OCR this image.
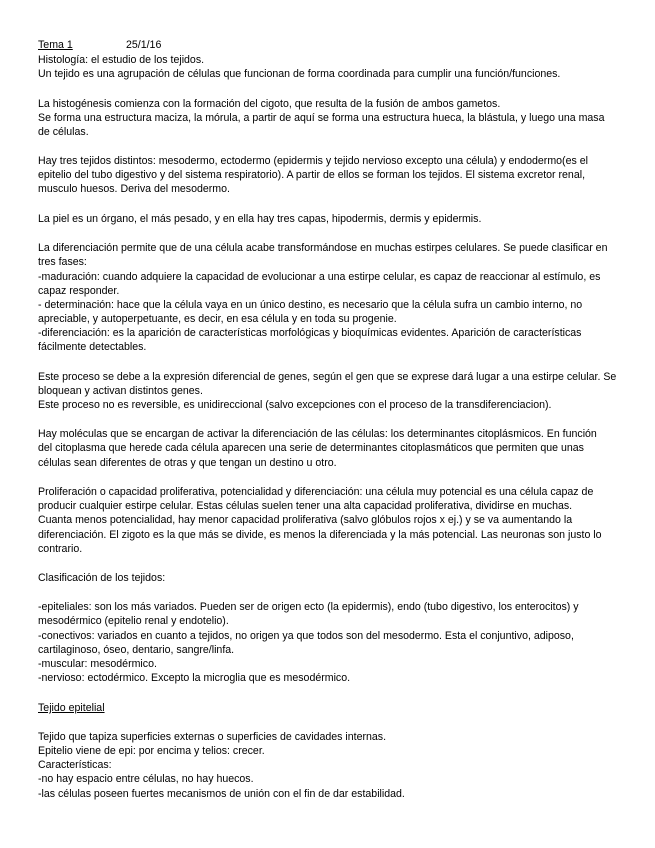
Tema 1	25/1/16
Histología: el estudio de los tejidos.
Un tejido es una agrupación de células que funcionan de forma coordinada para cumplir una función/funciones.
La histogénesis comienza con la formación del cigoto, que resulta de la fusión de ambos gametos.
Se forma una estructura maciza, la mórula, a partir de aquí se forma una estructura hueca, la blástula, y luego una masa
de células.
Hay tres tejidos distintos: mesodermo, ectodermo (epidermis y tejido nervioso excepto una célula) y endodermo(es el
epitelio del tubo digestivo y del sistema respiratorio). A partir de ellos se forman los tejidos. El sistema excretor renal,
musculo huesos. Deriva del mesodermo.
La piel es un órgano, el más pesado, y en ella hay tres capas, hipodermis, dermis y epidermis.
La diferenciación permite que de una célula acabe transformándose en muchas estirpes celulares. Se puede clasificar en
tres fases:
-maduración: cuando adquiere la capacidad de evolucionar a una estirpe celular, es capaz de reaccionar al estímulo, es
capaz responder.
- determinación: hace que la célula vaya en un único destino, es necesario que la célula sufra un cambio interno, no
apreciable, y autoperpetuante, es decir, en esa célula y en toda su progenie.
-diferenciación: es la aparición de características morfológicas y bioquímicas evidentes. Aparición de características
fácilmente detectables.
Este proceso se debe a la expresión diferencial de genes, según el gen que se exprese dará lugar a una estirpe celular. Se
bloquean y activan distintos genes.
Este proceso no es reversible, es unidireccional (salvo excepciones con el proceso de la transdiferenciacion).
Hay moléculas que se encargan de activar la diferenciación de las células: los determinantes citoplásmicos. En función
del citoplasma que herede cada célula aparecen una serie de determinantes citoplasmáticos que permiten que unas
células sean diferentes de otras y que tengan un destino u otro.
Proliferación o capacidad proliferativa, potencialidad y diferenciación: una célula muy potencial es una célula capaz de
producir cualquier estirpe celular. Estas células suelen tener una alta capacidad proliferativa, dividirse en muchas.
Cuanta menos potencialidad, hay menor capacidad proliferativa (salvo glóbulos rojos x ej.) y se va aumentando la
diferenciación. El zigoto es la que más se divide, es menos la diferenciada y la más potencial. Las neuronas son justo lo
contrario.
Clasificación de los tejidos:
-epiteliales: son los más variados. Pueden ser de origen ecto (la epidermis), endo (tubo digestivo, los enterocitos) y
mesodérmico (epitelio renal y endotelio).
-conectivos: variados en cuanto a tejidos, no origen ya que todos son del mesodermo. Esta el conjuntivo, adiposo,
cartilaginoso, óseo, dentario, sangre/linfa.
-muscular: mesodérmico.
-nervioso: ectodérmico. Excepto la microglia que es mesodérmico.
Tejido epitelial
Tejido que tapiza superficies externas o superficies de cavidades internas.
Epitelio viene de epi: por encima y telios: crecer.
Características:
-no hay espacio entre células, no hay huecos.
-las células poseen fuertes mecanismos de unión con el fin de dar estabilidad.
